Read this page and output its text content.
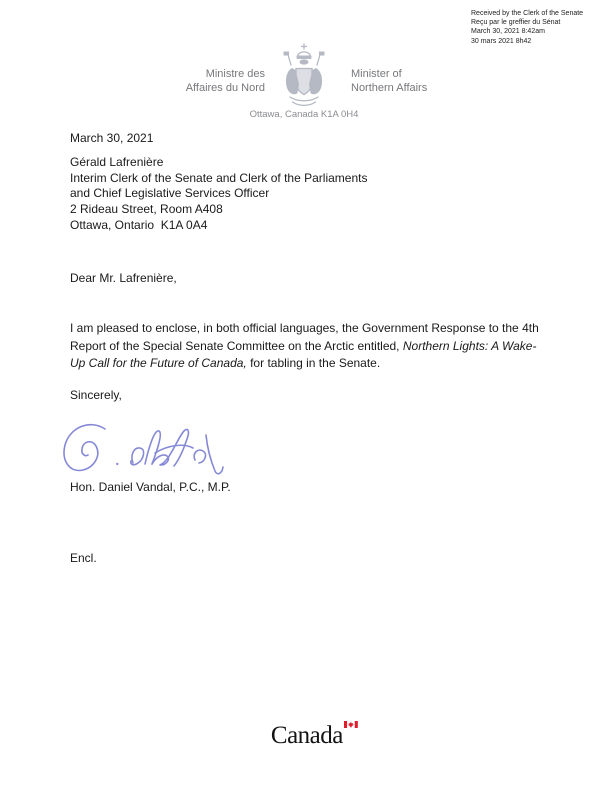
Received by the Clerk of the Senate
Reçu par le greffier du Sénat
March 30, 2021 8:42am
30 mars 2021 8h42
Ministre des
Affaires du Nord
Minister of
Northern Affairs
Ottawa, Canada K1A 0H4
March 30, 2021
Gérald Lafrenière
Interim Clerk of the Senate and Clerk of the Parliaments
and Chief Legislative Services Officer
2 Rideau Street, Room A408
Ottawa, Ontario  K1A 0A4
Dear Mr. Lafrenière,

I am pleased to enclose, in both official languages, the Government Response to the 4th Report of the Special Senate Committee on the Arctic entitled, Northern Lights: A Wake-Up Call for the Future of Canada, for tabling in the Senate.

Sincerely,
Hon. Daniel Vandal, P.C., M.P.
Encl.
Canada
